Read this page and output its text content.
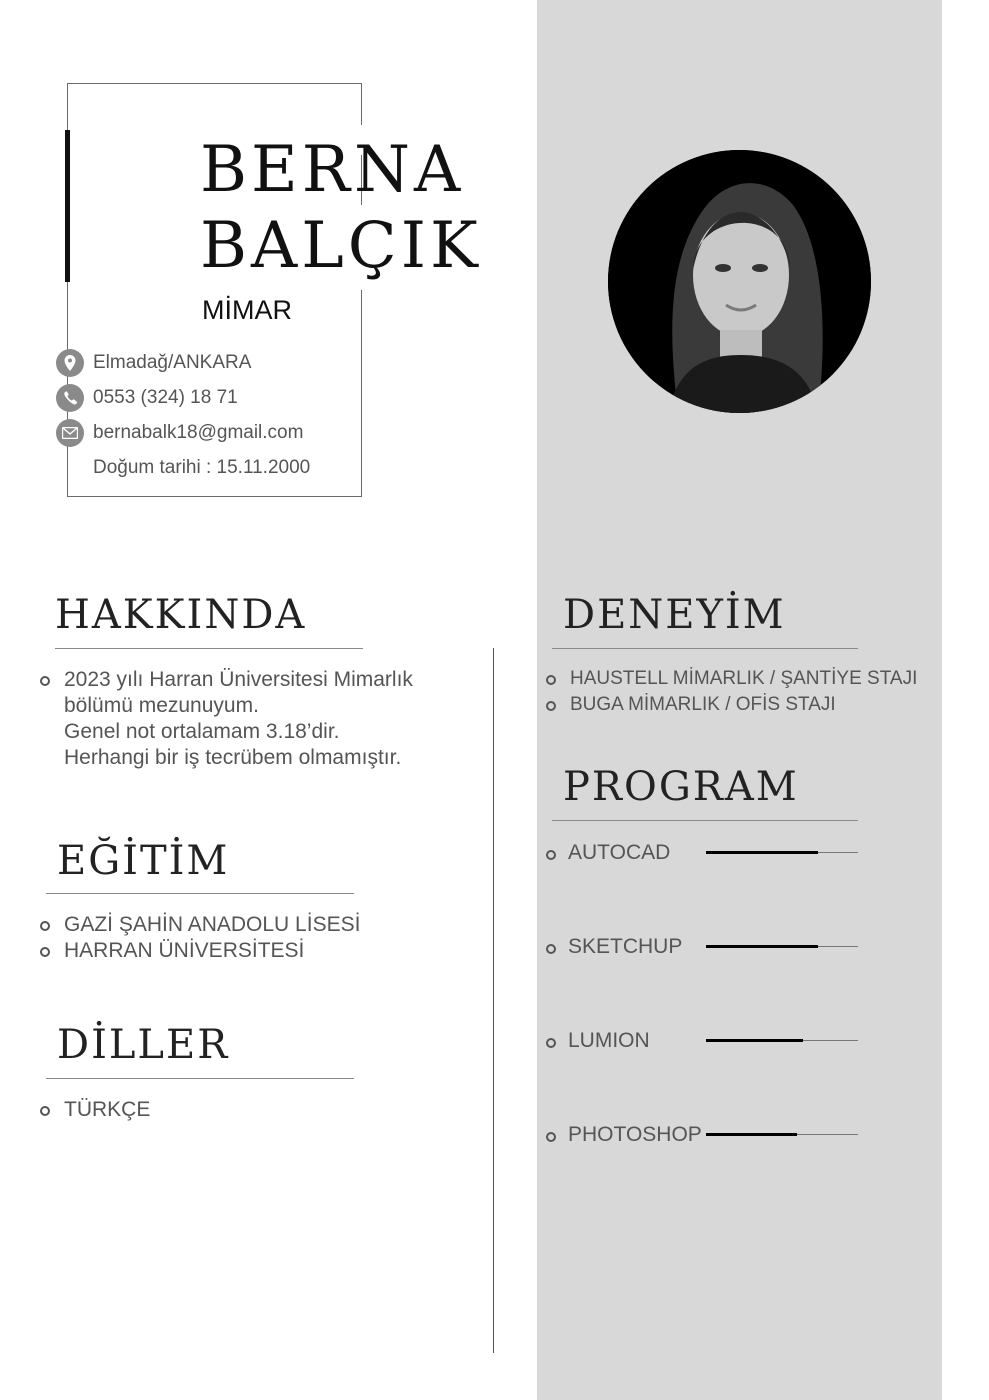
BERNA
BALÇIK
MİMAR
Elmadağ/ANKARA
0553 (324) 18 71
bernabalk18@gmail.com
Doğum tarihi : 15.11.2000
HAKKINDA

2023 yılı Harran Üniversitesi Mimarlık

bölümü mezunuyum.

Genel not ortalamam 3.18’dir.

Herhangi bir iş tecrübem olmamıştır.

EĞİTİM
GAZİ ŞAHİN ANADOLU LİSESİ
HARRAN ÜNİVERSİTESİ
DİLLER
TÜRKÇE
DENEYİM
HAUSTELL MİMARLIK / ŞANTİYE STAJI
BUGA MİMARLIK / OFİS STAJI
PROGRAM
AUTOCAD
SKETCHUP
LUMION
PHOTOSHOP
